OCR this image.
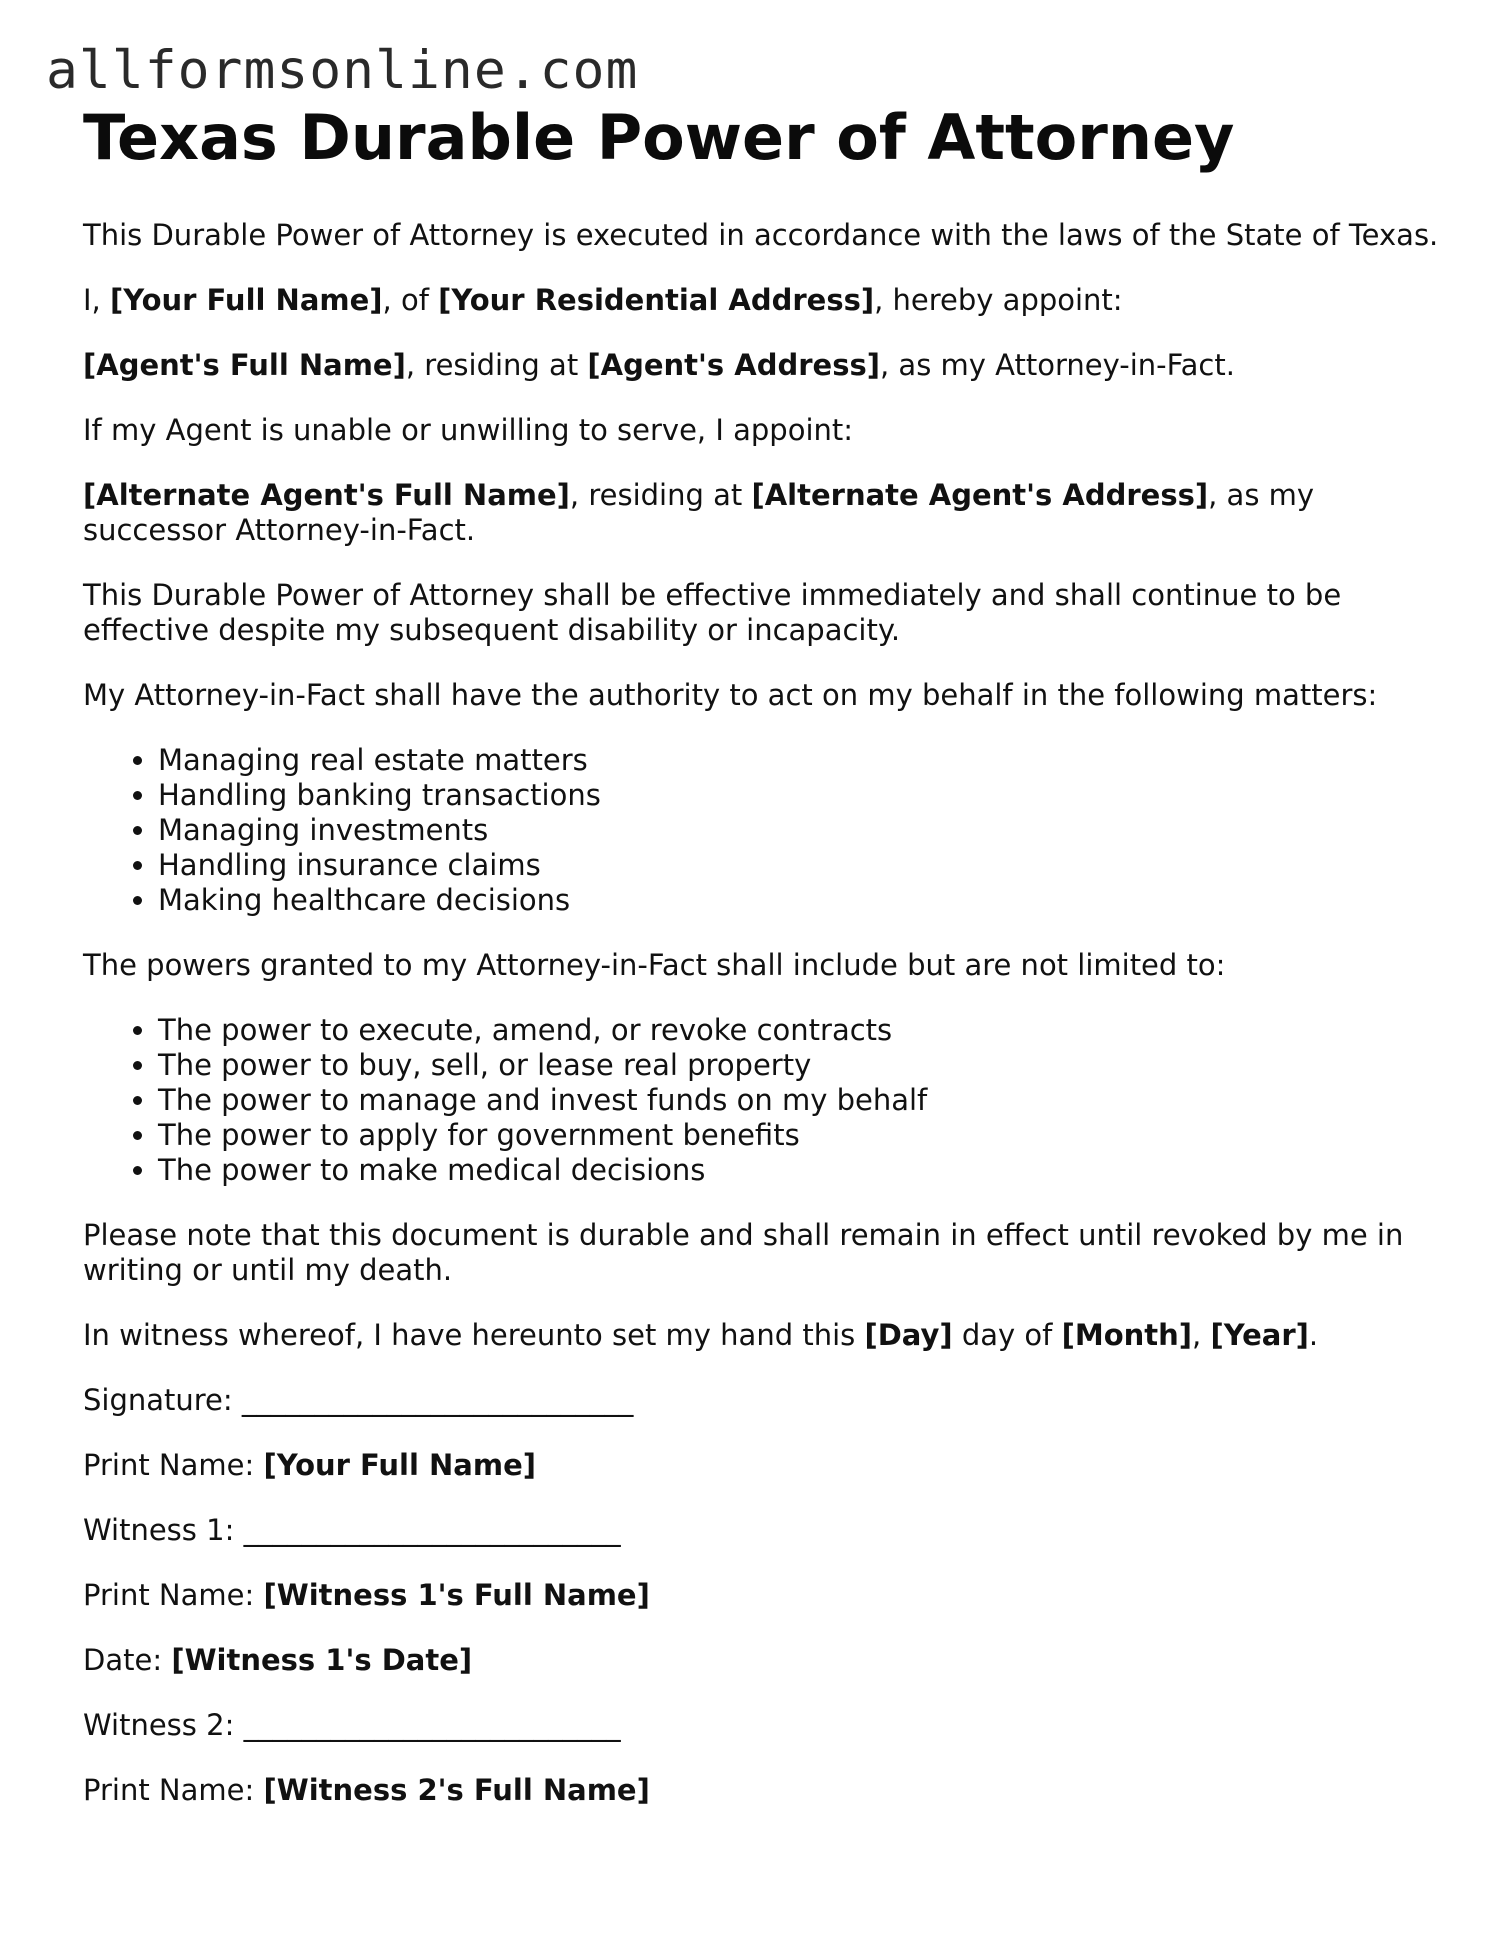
allformsonline.com
Texas Durable Power of Attorney

This Durable Power of Attorney is executed in accordance with the laws of the State of Texas.

I, [Your Full Name], of [Your Residential Address], hereby appoint:

[Agent's Full Name], residing at [Agent's Address], as my Attorney-in-Fact.

If my Agent is unable or unwilling to serve, I appoint:

[Alternate Agent's Full Name], residing at [Alternate Agent's Address], as my successor Attorney-in-Fact.

This Durable Power of Attorney shall be effective immediately and shall continue to be effective despite my subsequent disability or incapacity.

My Attorney-in-Fact shall have the authority to act on my behalf in the following matters:

• Managing real estate matters
• Handling banking transactions
• Managing investments
• Handling insurance claims
• Making healthcare decisions

The powers granted to my Attorney-in-Fact shall include but are not limited to:

• The power to execute, amend, or revoke contracts
• The power to buy, sell, or lease real property
• The power to manage and invest funds on my behalf
• The power to apply for government benefits
• The power to make medical decisions

Please note that this document is durable and shall remain in effect until revoked by me in writing or until my death.

In witness whereof, I have hereunto set my hand this [Day] day of [Month], [Year].

Signature: ___________________________

Print Name: [Your Full Name]

Witness 1: __________________________

Print Name: [Witness 1's Full Name]

Date: [Witness 1's Date]

Witness 2: __________________________

Print Name: [Witness 2's Full Name]
